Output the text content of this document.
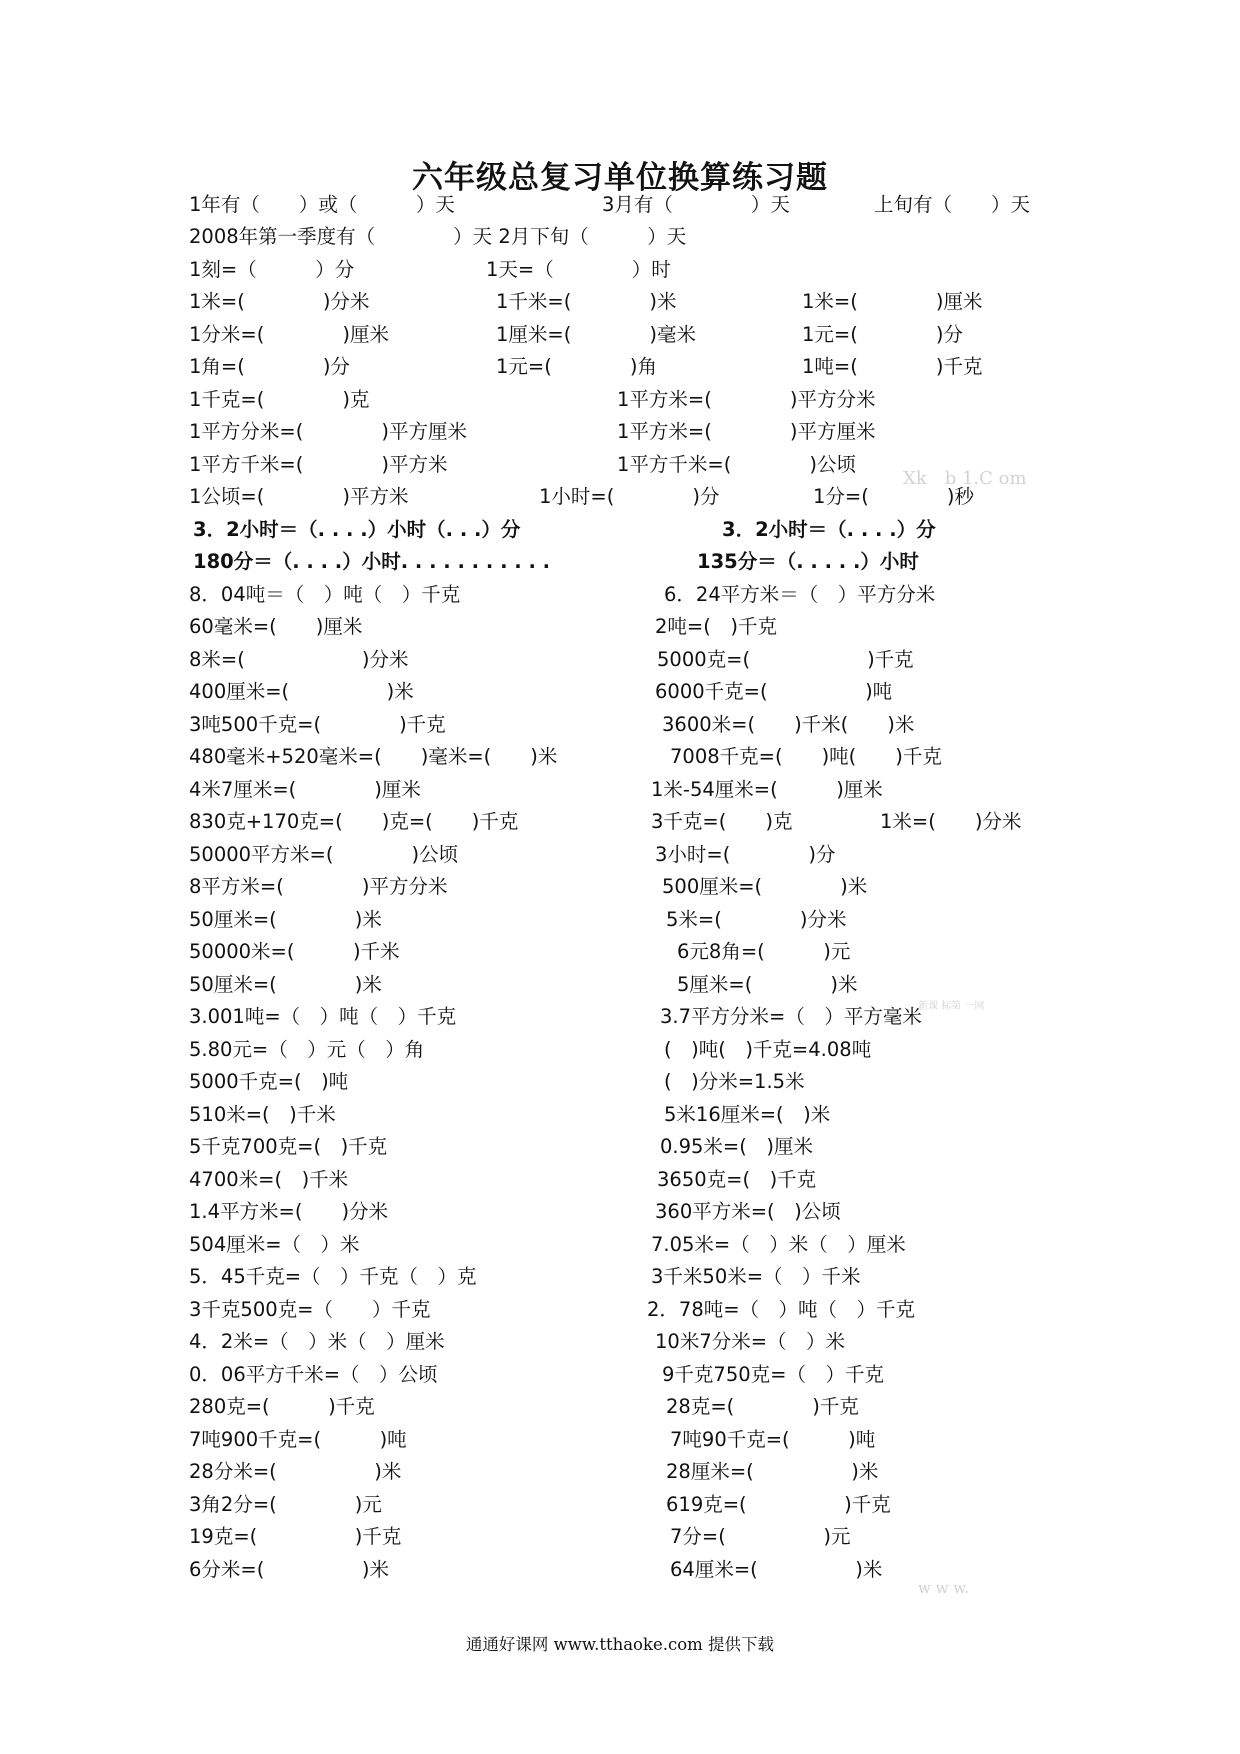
六年级总复习单位换算练习题
1年有（　　）或（　　　）天	3月有（　　　　）天	上旬有（　　）天
2008年第一季度有（　　　　）天 2月下旬（　　　）天
1刻=（　　　）分	1天=（　　　　）时
1米=(　　　　)分米	1千米=(　　　　)米	1米=(　　　　)厘米
1分米=(　　　　)厘米	1厘米=(　　　　)毫米	1元=(　　　　)分
1角=(　　　　)分	1元=(　　　　)角	1吨=(　　　　)千克
1千克=(　　　　)克	1平方米=(　　　　)平方分米
1平方分米=(　　　　)平方厘米	1平方米=(　　　　)平方厘米
1平方千米=(　　　　)平方米	1平方千米=(　　　　)公顷
1公顷=(　　　　)平方米	1小时=(　　　　)分	1分=(　　　　)秒
3．2小时＝（. . . .）小时（. . .）分	3．2小时＝（. . . .）分
180分＝（. . . .）小时. . . . . . . . . . .	135分＝（. . . . .）小时
8．04吨＝（　）吨（　）千克	6．24平方米＝（　）平方分米
60毫米=(　　)厘米	2吨=(　)千克
8米=(　　　　　　)分米	5000克=(　　　　　　)千克
400厘米=(　　　　　)米	6000千克=(　　　　　)吨
3吨500千克=(　　　　)千克	3600米=(　　)千米(　　)米
480毫米+520毫米=(　　)毫米=(　　)米	7008千克=(　　)吨(　　)千克
4米7厘米=(　　　　)厘米	1米-54厘米=(　　　)厘米
830克+170克=(　　)克=(　　)千克	3千克=(　　)克	1米=(　　)分米
50000平方米=(　　　　)公顷	3小时=(　　　　)分
8平方米=(　　　　)平方分米	500厘米=(　　　　)米
50厘米=(　　　　)米	5米=(　　　　)分米
50000米=(　　　)千米	6元8角=(　　　)元
50厘米=(　　　　)米	5厘米=(　　　　)米
3.001吨=（　）吨（　）千克	3.7平方分米=（　）平方毫米
5.80元=（　）元（　）角	(　)吨(　)千克=4.08吨
5000千克=(　)吨	(　)分米=1.5米
510米=(　)千米	5米16厘米=(　)米
5千克700克=(　)千克	0.95米=(　)厘米
4700米=(　)千米	3650克=(　)千克
1.4平方米=(　　)分米	360平方米=(　)公顷
504厘米=（　）米	7.05米=（　）米（　）厘米
5．45千克=（　）千克（　）克	3千米50米=（　）千米
3千克500克=（　　）千克	2．78吨=（　）吨（　）千克
4．2米=（　）米（　）厘米	10米7分米=（　）米
0．06平方千米=（　）公顷	9千克750克=（　）千克
280克=(　　　)千克	28克=(　　　　)千克
7吨900千克=(　　　)吨	7吨90千克=(　　　)吨
28分米=(　　　　　)米	28厘米=(　　　　　)米
3角2分=(　　　　)元	619克=(　　　　　)千克
19克=(　　　　　)千克	7分=(　　　　　)元
6分米=(　　　　　)米	64厘米=(　　　　　)米
Xk　b 1.C om
新课 标第 一网
w w w.
通通好课网 www.tthaoke.com 提供下载
